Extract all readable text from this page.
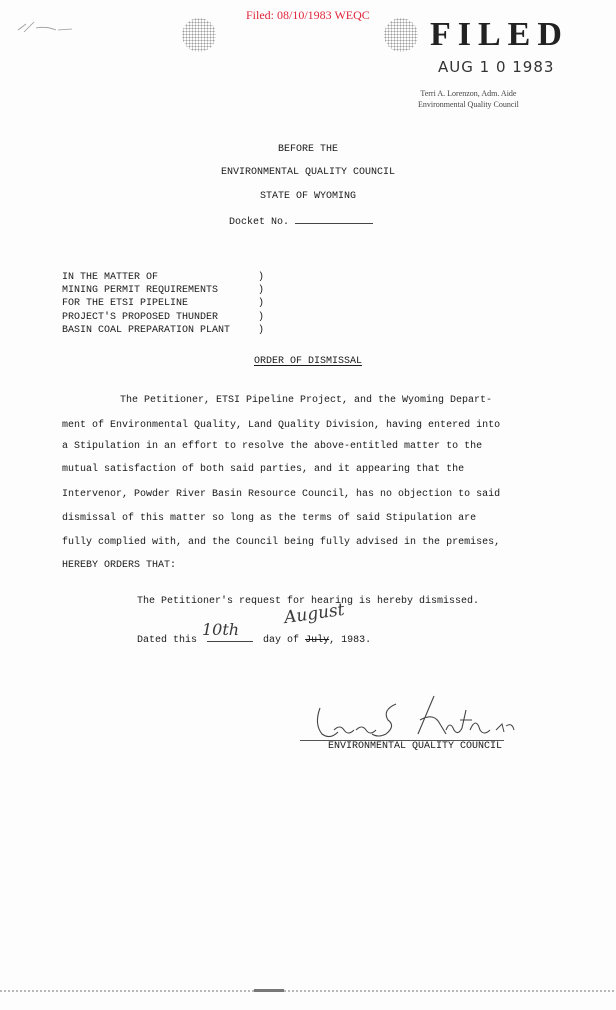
Filed: 08/10/1983 WEQC
FILED
AUG 1 0 1983
Terri A. Lorenzon, Adm. Aide
Environmental Quality Council
BEFORE THE
ENVIRONMENTAL QUALITY COUNCIL
STATE OF WYOMING
Docket No.
IN THE MATTER OF	)
MINING PERMIT REQUIREMENTS	)
FOR THE ETSI PIPELINE	)
PROJECT'S PROPOSED THUNDER	)
BASIN COAL PREPARATION PLANT	)
ORDER OF DISMISSAL
The Petitioner, ETSI Pipeline Project, and the Wyoming Depart-
ment of Environmental Quality, Land Quality Division, having entered into
a Stipulation in an effort to resolve the above-entitled matter to the
mutual satisfaction of both said parties, and it appearing that the
Intervenor, Powder River Basin Resource Council, has no objection to said
dismissal of this matter so long as the terms of said Stipulation are
fully complied with, and the Council being fully advised in the premises,
HEREBY ORDERS THAT:
The Petitioner's request for hearing is hereby dismissed.
August
Dated this	day of July, 1983.
10th
ENVIRONMENTAL QUALITY COUNCIL
